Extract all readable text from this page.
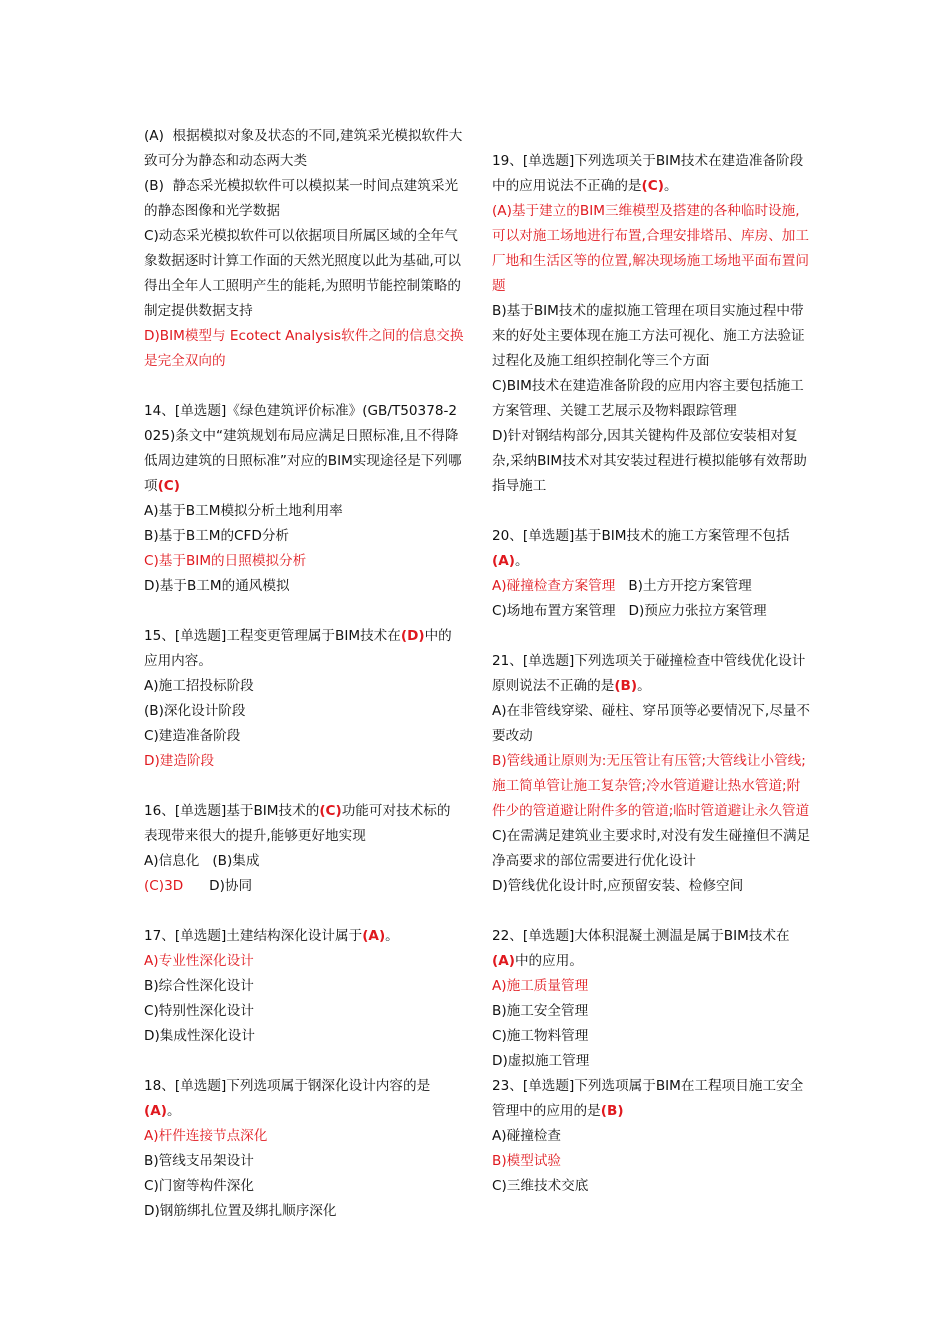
(A)  根据模拟对象及状态的不同,建筑采光模拟软件大致可分为静态和动态两大类
(B)  静态采光模拟软件可以模拟某一时间点建筑采光的静态图像和光学数据
C)动态采光模拟软件可以依据项目所属区域的全年气象数据逐时计算工作面的天然光照度以此为基础,可以得出全年人工照明产生的能耗,为照明节能控制策略的制定提供数据支持
D)BIM模型与 Ecotect Analysis软件之间的信息交换是完全双向的
14、[单选题]《绿色建筑评价标准》(GB/T50378-2025)条文中“建筑规划布局应满足日照标准,且不得降低周边建筑的日照标准”对应的BIM实现途径是下列哪项(C)
A)基于B工M模拟分析土地利用率
B)基于B工M的CFD分析
C)基于BIM的日照模拟分析
D)基于B工M的通风模拟
15、[单选题]工程变更管理属于BIM技术在(D)中的应用内容。
A)施工招投标阶段
(B)深化设计阶段
C)建造准备阶段
D)建造阶段
16、[单选题]基于BIM技术的(C)功能可对技术标的表现带来很大的提升,能够更好地实现
A)信息化   (B)集成
(C)3D      D)协同
17、[单选题]土建结构深化设计属于(A)。
A)专业性深化设计
B)综合性深化设计
C)特别性深化设计
D)集成性深化设计
18、[单选题]下列选项属于钢深化设计内容的是(A)。
A)杆件连接节点深化
B)管线支吊架设计
C)门窗等构件深化
D)钢筋绑扎位置及绑扎顺序深化
19、[单选题]下列选项关于BIM技术在建造准备阶段中的应用说法不正确的是(C)。
(A)基于建立的BIM三维模型及搭建的各种临时设施,可以对施工场地进行布置,合理安排塔吊、库房、加工厂地和生活区等的位置,解决现场施工场地平面布置问题
B)基于BIM技术的虚拟施工管理在项目实施过程中带来的好处主要体现在施工方法可视化、施工方法验证过程化及施工组织控制化等三个方面
C)BIM技术在建造准备阶段的应用内容主要包括施工方案管理、关键工艺展示及物料跟踪管理
D)针对钢结构部分,因其关键构件及部位安装相对复杂,采纳BIM技术对其安装过程进行模拟能够有效帮助指导施工
20、[单选题]基于BIM技术的施工方案管理不包括(A)。
A)碰撞检查方案管理   B)土方开挖方案管理
C)场地布置方案管理   D)预应力张拉方案管理
21、[单选题]下列选项关于碰撞检查中管线优化设计原则说法不正确的是(B)。
A)在非管线穿梁、碰柱、穿吊顶等必要情况下,尽量不要改动
B)管线通让原则为:无压管让有压管;大管线让小管线;施工简单管让施工复杂管;冷水管道避让热水管道;附件少的管道避让附件多的管道;临时管道避让永久管道
C)在需满足建筑业主要求时,对没有发生碰撞但不满足净高要求的部位需要进行优化设计
D)管线优化设计时,应预留安装、检修空间
22、[单选题]大体积混凝土测温是属于BIM技术在(A)中的应用。
A)施工质量管理
B)施工安全管理
C)施工物料管理
D)虚拟施工管理
23、[单选题]下列选项属于BIM在工程项目施工安全管理中的应用的是(B)
A)碰撞检查
B)模型试验
C)三维技术交底
